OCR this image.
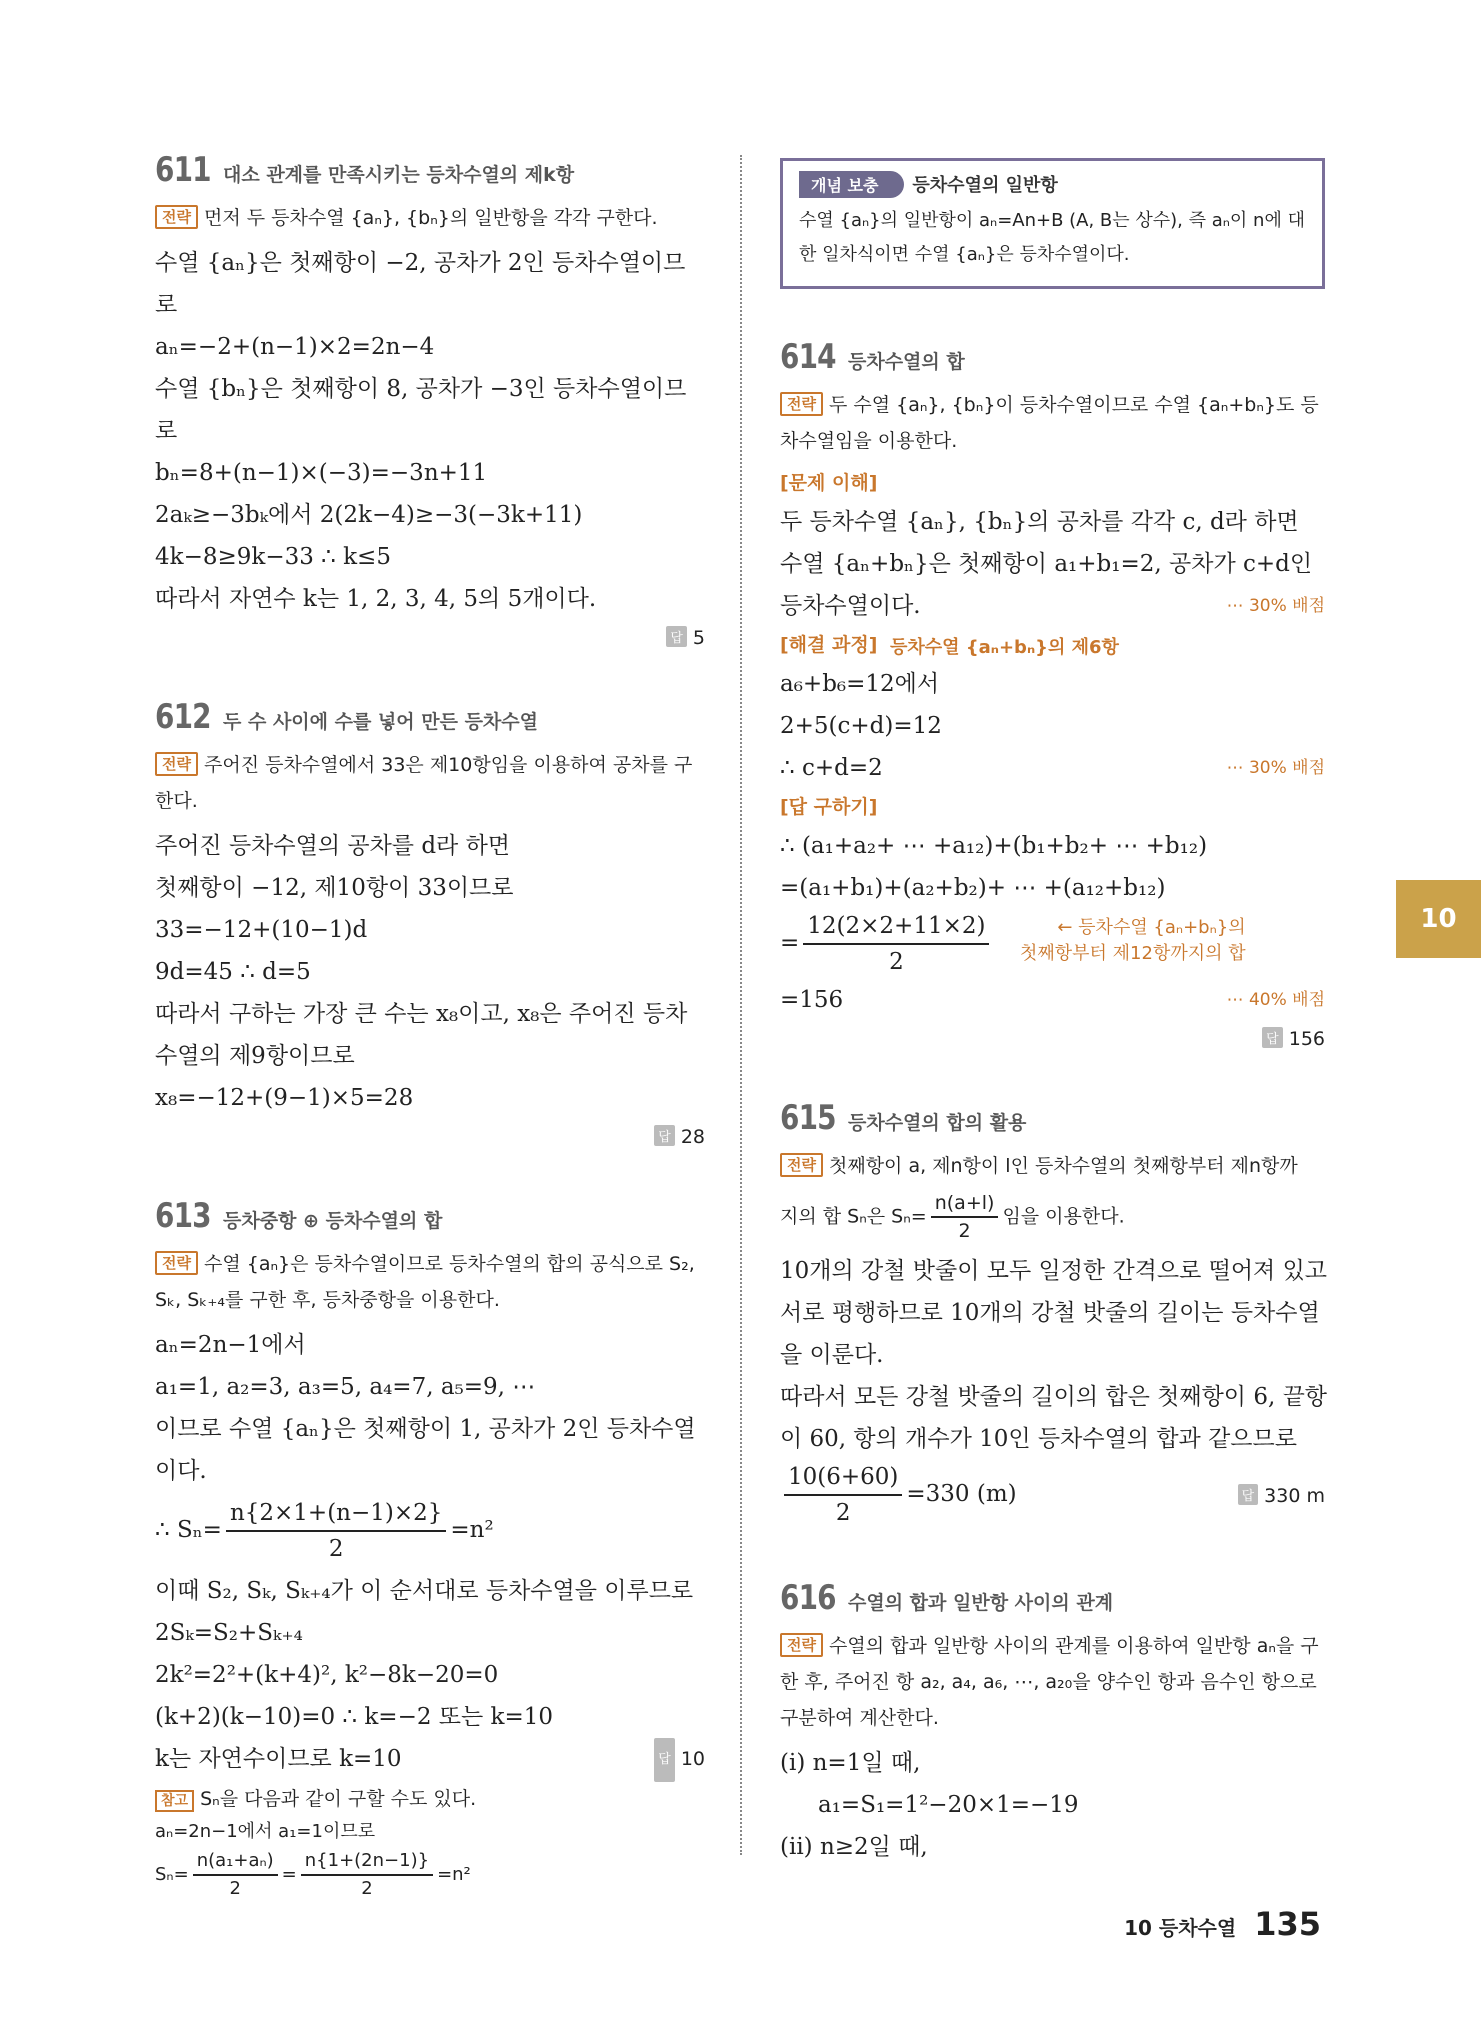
611 대소 관계를 만족시키는 등차수열의 제k항
전략 먼저 두 등차수열 {aₙ}, {bₙ}의 일반항을 각각 구한다.
수열 {aₙ}은 첫째항이 −2, 공차가 2인 등차수열이므
로
aₙ=−2+(n−1)×2=2n−4
수열 {bₙ}은 첫째항이 8, 공차가 −3인 등차수열이므
로
bₙ=8+(n−1)×(−3)=−3n+11
2aₖ≥−3bₖ에서 2(2k−4)≥−3(−3k+11)
4k−8≥9k−33 ∴ k≤5
따라서 자연수 k는 1, 2, 3, 4, 5의 5개이다.
답 5
612 두 수 사이에 수를 넣어 만든 등차수열
전략 주어진 등차수열에서 33은 제10항임을 이용하여 공차를 구한다.
주어진 등차수열의 공차를 d라 하면
첫째항이 −12, 제10항이 33이므로
33=−12+(10−1)d
9d=45 ∴ d=5
따라서 구하는 가장 큰 수는 x₈이고, x₈은 주어진 등차
수열의 제9항이므로
x₈=−12+(9−1)×5=28
답 28
613 등차중항 ⊕ 등차수열의 합
전략 수열 {aₙ}은 등차수열이므로 등차수열의 합의 공식으로 S₂, Sₖ, Sₖ₊₄를 구한 후, 등차중항을 이용한다.
aₙ=2n−1에서
a₁=1, a₂=3, a₃=5, a₄=7, a₅=9, ⋯
이므로 수열 {aₙ}은 첫째항이 1, 공차가 2인 등차수열
이다.
∴ $S_n= \frac{n\{2\times 1+(n-1)\times 2\}}{2} =n^2$
이때 S₂, Sₖ, Sₖ₊₄가 이 순서대로 등차수열을 이루므로
2Sₖ=S₂+Sₖ₊₄
2k²=2²+(k+4)², k²−8k−20=0
(k+2)(k−10)=0 ∴ k=−2 또는 k=10
k는 자연수이므로 k=10	답 10
참고 Sₙ을 다음과 같이 구할 수도 있다.
aₙ=2n−1에서 a₁=1이므로
$S_n= \frac{\text{n(a₁+aₙ)}}{2} = \frac{n\{1+(2n-1)\}}{2} =n^2$
개념 보충 등차수열의 일반항
수열 {aₙ}의 일반항이 aₙ=An+B (A, B는 상수), 즉 aₙ이 n에 대한 일차식이면 수열 {aₙ}은 등차수열이다.
614 등차수열의 합
전략 두 수열 {aₙ}, {bₙ}이 등차수열이므로 수열 {aₙ+bₙ}도 등차수열임을 이용한다.
[문제 이해]
두 등차수열 {aₙ}, {bₙ}의 공차를 각각 c, d라 하면
수열 {aₙ+bₙ}은 첫째항이 a₁+b₁=2, 공차가 c+d인
등차수열이다.	⋯ 30% 배점
[해결 과정] 등차수열 {aₙ+bₙ}의 제6항
a₆+b₆=12에서
2+5(c+d)=12
∴ c+d=2	⋯ 30% 배점
[답 구하기]
∴ (a₁+a₂+ ⋯ +a₁₂)+(b₁+b₂+ ⋯ +b₁₂)
=(a₁+b₁)+(a₂+b₂)+ ⋯ +(a₁₂+b₁₂)
= $\frac{12(2\times 2+11\times 2)}{2}$	← 등차수열 {aₙ+bₙ}의
첫째항부터 제12항까지의 합
=156	⋯ 40% 배점
답 156
615 등차수열의 합의 활용
전략 첫째항이 a, 제n항이 l인 등차수열의 첫째항부터 제n항까
지의 합 Sₙ은 $S_n= \frac{n(a+l)}{2}$ 임을 이용한다.
10개의 강철 밧줄이 모두 일정한 간격으로 떨어져 있고
서로 평행하므로 10개의 강철 밧줄의 길이는 등차수열
을 이룬다.
따라서 모든 강철 밧줄의 길이의 합은 첫째항이 6, 끝항
이 60, 항의 개수가 10인 등차수열의 합과 같으므로
$\frac{10(6+60)}{2} =330$ (m)	답 330 m
616 수열의 합과 일반항 사이의 관계
전략 수열의 합과 일반항 사이의 관계를 이용하여 일반항 aₙ을 구한 후, 주어진 항 a₂, a₄, a₆, ⋯, a₂₀을 양수인 항과 음수인 항으로 구분하여 계산한다.
(i) n=1일 때,
a₁=S₁=1²−20×1=−19
(ii) n≥2일 때,
10
10 등차수열 135
